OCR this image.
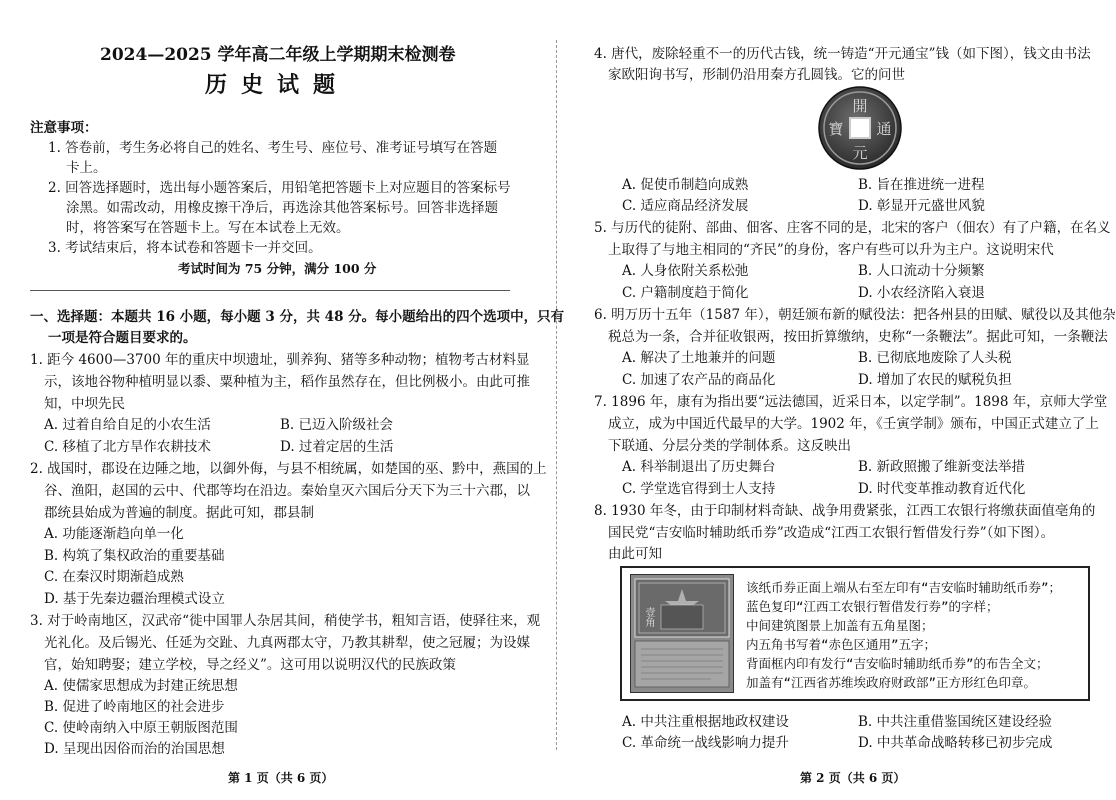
2024—2025 学年高二年级上学期期末检测卷
历史试题
注意事项：
1. 答卷前，考生务必将自己的姓名、考生号、座位号、准考证号填写在答题
卡上。
2. 回答选择题时，选出每小题答案后，用铅笔把答题卡上对应题目的答案标号
涂黑。如需改动，用橡皮擦干净后，再选涂其他答案标号。回答非选择题
时，将答案写在答题卡上。写在本试卷上无效。
3. 考试结束后，将本试卷和答题卡一并交回。
考试时间为 75 分钟，满分 100 分
一、选择题：本题共 16 小题，每小题 3 分，共 48 分。每小题给出的四个选项中，只有
一项是符合题目要求的。
1. 距今 4600—3700 年的重庆中坝遗址，驯养狗、猪等多种动物；植物考古材料显
示，该地谷物种植明显以黍、粟种植为主，稻作虽然存在，但比例极小。由此可推
知，中坝先民
A. 过着自给自足的小农生活	B. 已迈入阶级社会
C. 移植了北方旱作农耕技术	D. 过着定居的生活
2. 战国时，郡设在边陲之地，以御外侮，与县不相统属，如楚国的巫、黔中，燕国的上
谷、渔阳，赵国的云中、代郡等均在沿边。秦始皇灭六国后分天下为三十六郡，以
郡统县始成为普遍的制度。据此可知，郡县制
A. 功能逐渐趋向单一化
B. 构筑了集权政治的重要基础
C. 在秦汉时期渐趋成熟
D. 基于先秦边疆治理模式设立
3. 对于岭南地区，汉武帝“徙中国罪人杂居其间，稍使学书，粗知言语，使驿往来，观
光礼化。及后锡光、任延为交趾、九真两郡太守，乃教其耕犁，使之冠履；为设媒
官，始知聘娶；建立学校，导之经义”。这可用以说明汉代的民族政策
A. 使儒家思想成为封建正统思想
B. 促进了岭南地区的社会进步
C. 使岭南纳入中原王朝版图范围
D. 呈现出因俗而治的治国思想
第 1 页（共 6 页）
4. 唐代，废除轻重不一的历代古钱，统一铸造“开元通宝”钱（如下图），钱文由书法
家欧阳询书写，形制仍沿用秦方孔圆钱。它的问世
開
元
通
寶
A. 促使币制趋向成熟	B. 旨在推进统一进程
C. 适应商品经济发展	D. 彰显开元盛世风貌
5. 与历代的徒附、部曲、佃客、庄客不同的是，北宋的客户（佃农）有了户籍，在名义
上取得了与地主相同的“齐民”的身份，客户有些可以升为主户。这说明宋代
A. 人身依附关系松弛	B. 人口流动十分频繁
C. 户籍制度趋于简化	D. 小农经济陷入衰退
6. 明万历十五年（1587 年），朝廷颁布新的赋役法：把各州县的田赋、赋役以及其他杂
税总为一条，合并征收银两，按田折算缴纳，史称“一条鞭法”。据此可知，一条鞭法
A. 解决了土地兼并的问题	B. 已彻底地废除了人头税
C. 加速了农产品的商品化	D. 增加了农民的赋税负担
7. 1896 年，康有为指出要“远法德国，近采日本，以定学制”。1898 年，京师大学堂
成立，成为中国近代最早的大学。1902 年，《壬寅学制》颁布，中国正式建立了上
下联通、分层分类的学制体系。这反映出
A. 科举制退出了历史舞台	B. 新政照搬了维新变法举措
C. 学堂选官得到士人支持	D. 时代变革推动教育近代化
8. 1930 年冬，由于印制材料奇缺、战争用费紧张，江西工农银行将缴获面值亳角的
国民党“吉安临时辅助纸币券”改造成“江西工农银行暂借发行券”（如下图）。
由此可知
壹角
该纸币券正面上端从右至左印有“吉安临时辅助纸币券”；
蓝色复印“江西工农银行暂借发行券”的字样；
中间建筑图景上加盖有五角星图；
内五角书写着“赤色区通用”五字；
背面框内印有发行“吉安临时辅助纸币券”的布告全文；
加盖有“江西省苏维埃政府财政部”正方形红色印章。
A. 中共注重根据地政权建设	B. 中共注重借鉴国统区建设经验
C. 革命统一战线影响力提升	D. 中共革命战略转移已初步完成
第 2 页（共 6 页）
